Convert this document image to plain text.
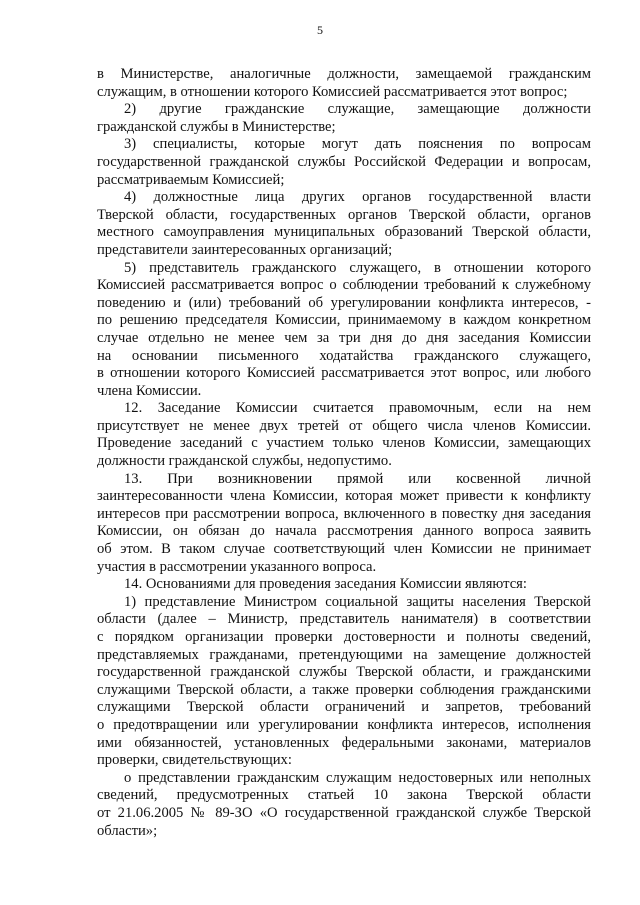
5

в Министерстве, аналогичные должности, замещаемой гражданским

служащим, в отношении которого Комиссией рассматривается этот вопрос;

2) другие гражданские служащие, замещающие должности

гражданской службы в Министерстве;

3) специалисты, которые могут дать пояснения по вопросам

государственной гражданской службы Российской Федерации и вопросам,

рассматриваемым Комиссией;

4) должностные лица других органов государственной власти

Тверской области, государственных органов Тверской области, органов

местного самоуправления муниципальных образований Тверской области,

представители заинтересованных организаций;

5) представитель гражданского служащего, в отношении которого

Комиссией рассматривается вопрос о соблюдении требований к служебному

поведению и (или) требований об урегулировании конфликта интересов, -

по решению председателя Комиссии, принимаемому в каждом конкретном

случае отдельно не менее чем за три дня до дня заседания Комиссии

на основании письменного ходатайства гражданского служащего,

в отношении которого Комиссией рассматривается этот вопрос, или любого

члена Комиссии.

12. Заседание Комиссии считается правомочным, если на нем

присутствует не менее двух третей от общего числа членов Комиссии.

Проведение заседаний с участием только членов Комиссии, замещающих

должности гражданской службы, недопустимо.

13. При возникновении прямой или косвенной личной

заинтересованности члена Комиссии, которая может привести к конфликту

интересов при рассмотрении вопроса, включенного в повестку дня заседания

Комиссии, он обязан до начала рассмотрения данного вопроса заявить

об этом. В таком случае соответствующий член Комиссии не принимает

участия в рассмотрении указанного вопроса.

14. Основаниями для проведения заседания Комиссии являются:

1) представление Министром социальной защиты населения Тверской

области (далее – Министр, представитель нанимателя) в соответствии

с порядком организации проверки достоверности и полноты сведений,

представляемых гражданами, претендующими на замещение должностей

государственной гражданской службы Тверской области, и гражданскими

служащими Тверской области, а также проверки соблюдения гражданскими

служащими Тверской области ограничений и запретов, требований

о предотвращении или урегулировании конфликта интересов, исполнения

ими обязанностей, установленных федеральными законами, материалов

проверки, свидетельствующих:

о представлении гражданским служащим недостоверных или неполных

сведений, предусмотренных статьей 10 закона Тверской области

от 21.06.2005 № 89-ЗО «О государственной гражданской службе Тверской

области»;
